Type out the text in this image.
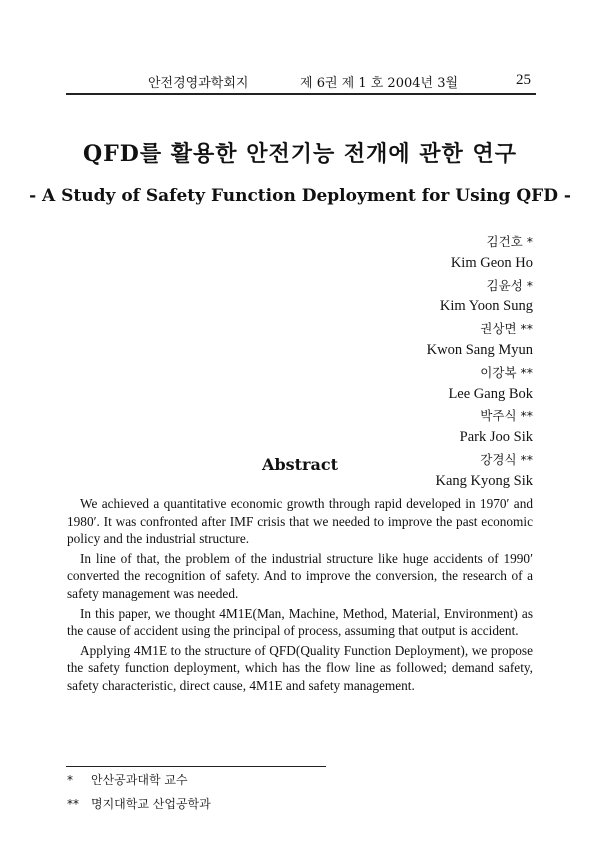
안전경영과학회지	제 6권 제 1 호 2004년 3월	25
QFD를 활용한 안전기능 전개에 관한 연구
- A Study of Safety Function Deployment for Using QFD -
김건호 *
Kim Geon Ho
김윤성 *
Kim Yoon Sung
권상면 **
Kwon Sang Myun
이강복 **
Lee Gang Bok
박주식 **
Park Joo Sik
강경식 **
Kang Kyong Sik
Abstract

We achieved a quantitative economic growth through rapid developed in 1970′ and 1980′. It was confronted after IMF crisis that we needed to improve the past economic policy and the industrial structure.

In line of that, the problem of the industrial structure like huge accidents of 1990′ converted the recognition of safety. And to improve the conversion, the research of a safety management was needed.

In this paper, we thought 4M1E(Man, Machine, Method, Material, Environment) as the cause of accident using the principal of process, assuming that output is accident.

Applying 4M1E to the structure of QFD(Quality Function Deployment), we propose the safety function deployment, which has the flow line as followed; demand safety, safety characteristic, direct cause, 4M1E and safety management.

* 안산공과대학 교수
** 명지대학교 산업공학과
